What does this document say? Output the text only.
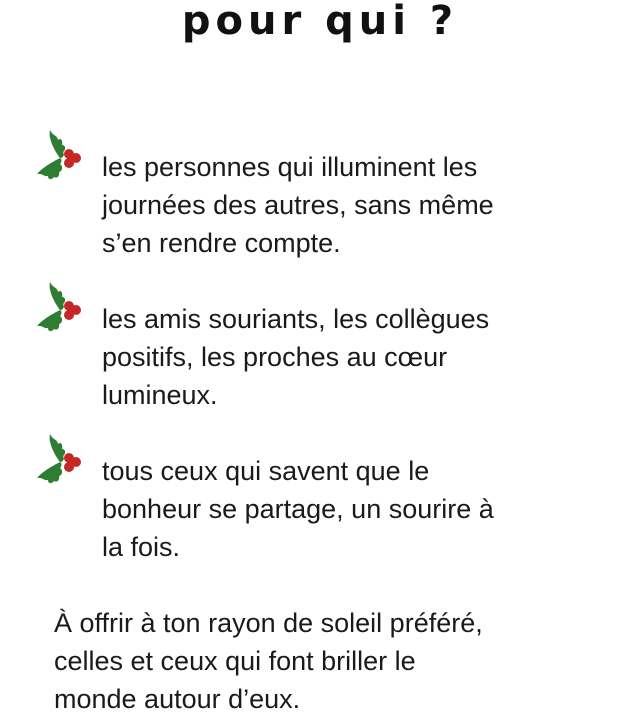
pour qui ?
les personnes qui illuminent les
journées des autres, sans même
s’en rendre compte.
les amis souriants, les collègues
positifs, les proches au cœur
lumineux.
tous ceux qui savent que le
bonheur se partage, un sourire à
la fois.
À offrir à ton rayon de soleil préféré,
celles et ceux qui font briller le
monde autour d’eux.
